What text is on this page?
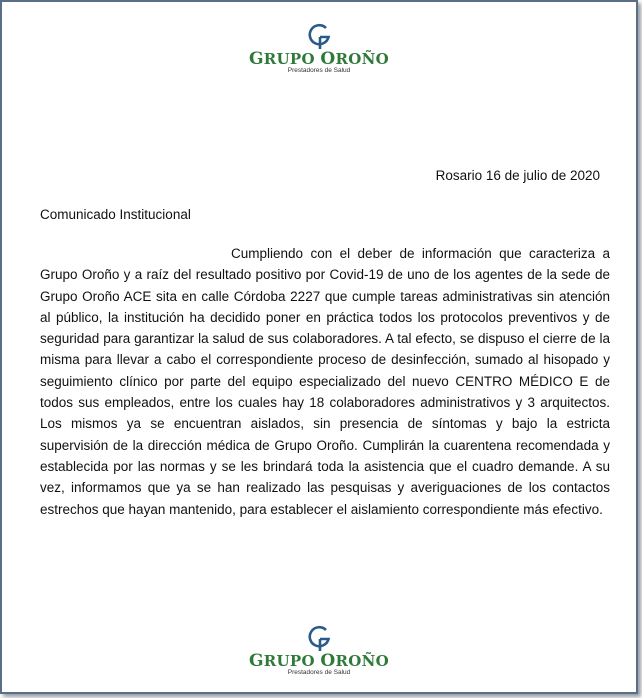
GRUPO OROÑO
Prestadores de Salud
Rosario 16 de julio de 2020
Comunicado Institucional

Cumpliendo con el deber de información que caracteriza a Grupo Oroño y a raíz del resultado positivo por Covid-19 de uno de los agentes de la sede de Grupo Oroño ACE sita en calle Córdoba 2227 que cumple tareas administrativas sin atención al público, la institución ha decidido poner en práctica todos los protocolos preventivos y de seguridad para garantizar la salud de sus colaboradores. A tal efecto, se dispuso el cierre de la misma para llevar a cabo el correspondiente proceso de desinfección, sumado al hisopado y seguimiento clínico por parte del equipo especializado del nuevo CENTRO MÉDICO E de todos sus empleados, entre los cuales hay 18 colaboradores administrativos y 3 arquitectos. Los mismos ya se encuentran aislados, sin presencia de síntomas y bajo la estricta supervisión de la dirección médica de Grupo Oroño. Cumplirán la cuarentena recomendada y establecida por las normas y se les brindará toda la asistencia que el cuadro demande. A su vez, informamos que ya se han realizado las pesquisas y averiguaciones de los contactos estrechos que hayan mantenido, para establecer el aislamiento correspondiente más efectivo.

GRUPO OROÑO
Prestadores de Salud
